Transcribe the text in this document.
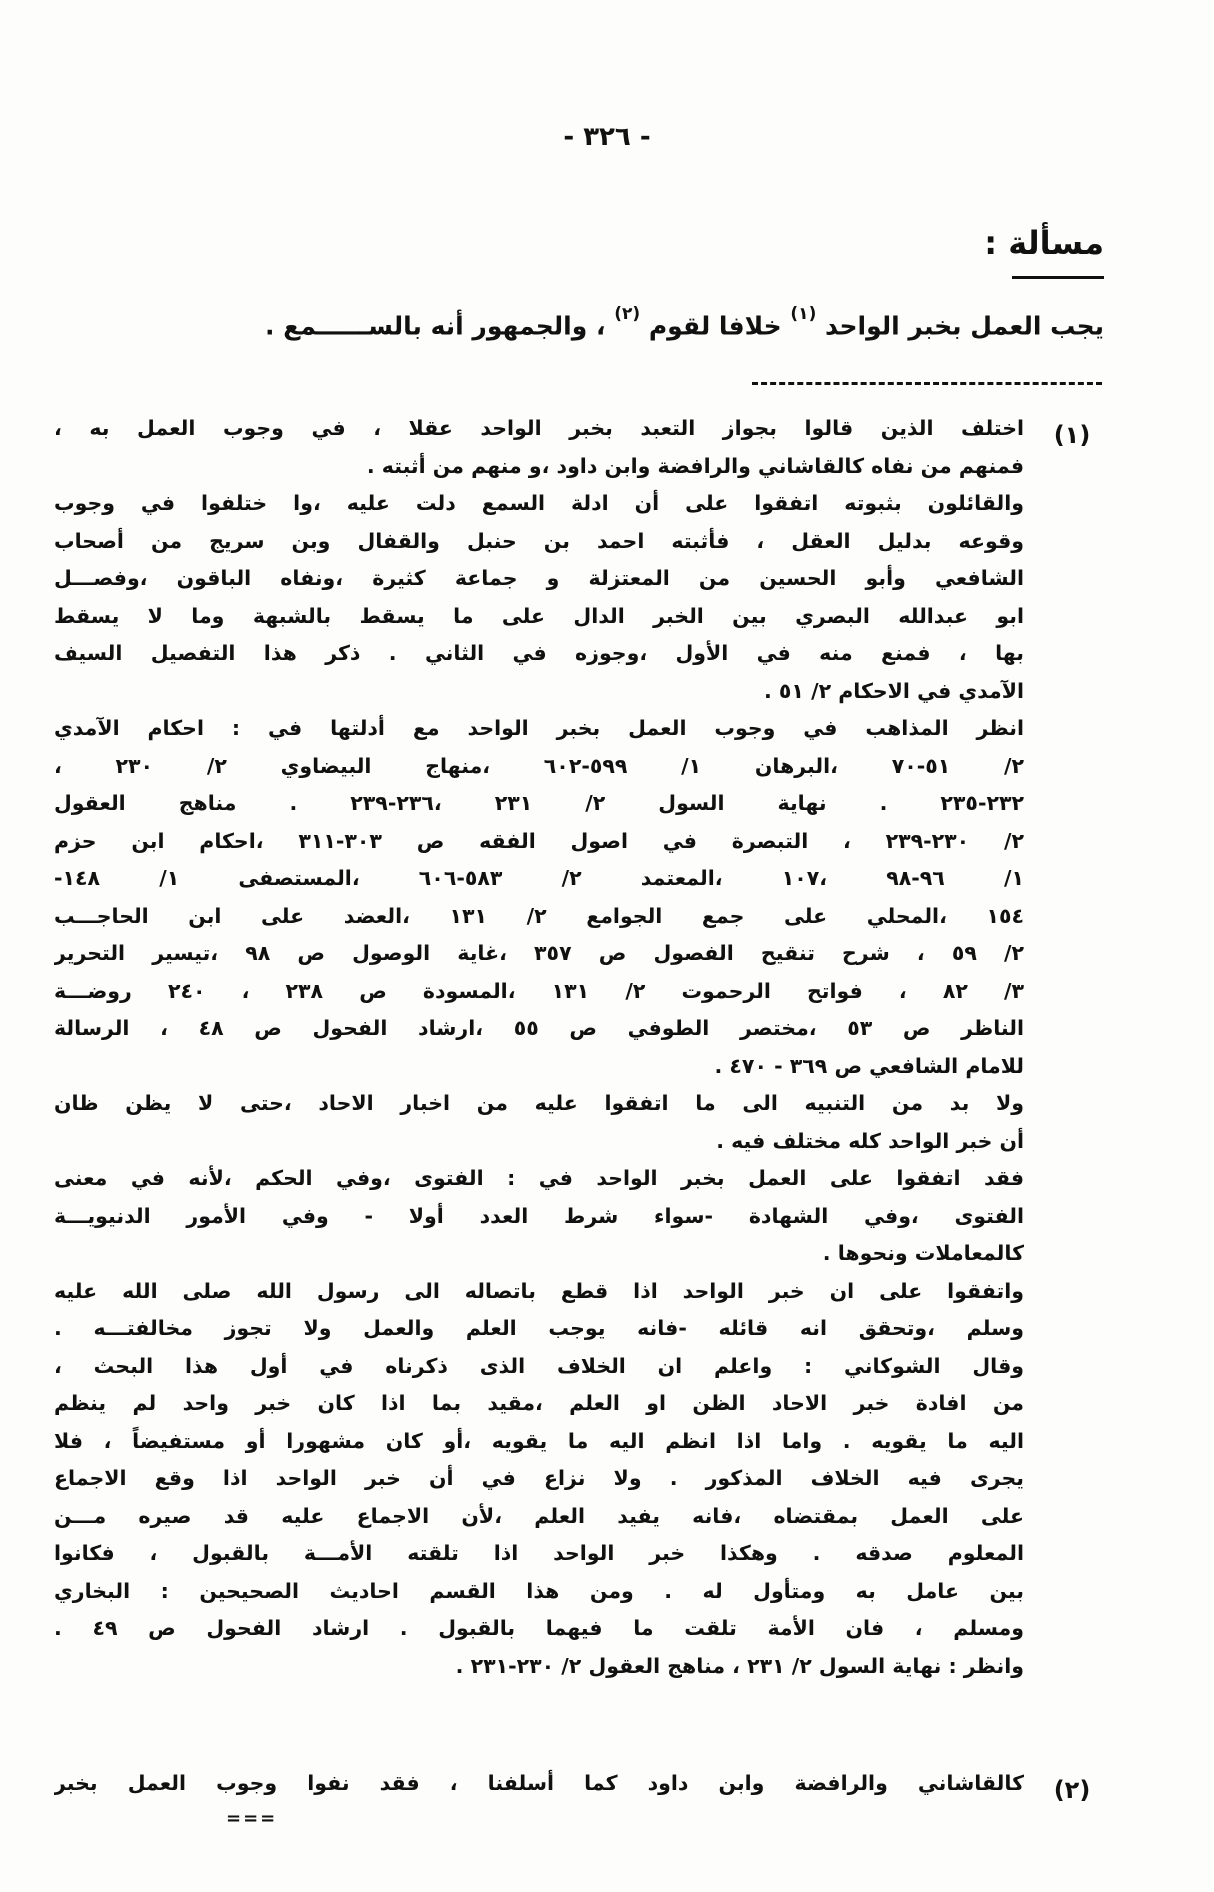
- ٣٢٦ -
مسألة :
يجب العمل بخبر الواحد $^{(١)}$ خلافا لقوم $^{(٢)}$ ، والجمهور أنه بالســــــمع .
(١)
اختلف الذين قالوا بجواز التعبد بخبر الواحد عقلا ، في وجوب العمل به ،
فمنهم من نفاه كالقاشاني والرافضة وابن داود ،و منهم من أثبته .
والقائلون بثبوته اتفقوا على أن ادلة السمع دلت عليه ،وا ختلفوا في وجوب
وقوعه بدليل العقل ، فأثبته احمد بن حنبل والقفال وبن سريج من أصحاب
الشافعي وأبو الحسين من المعتزلة و جماعة كثيرة ،ونفاه الباقون ،وفصـــل
ابو عبدالله البصري بين الخبر الدال على ما يسقط بالشبهة وما لا يسقط
بها ، فمنع منه في الأول ،وجوزه في الثاني . ذكر هذا التفصيل السيف
الآمدي في الاحكام ٢/ ٥١ .
انظر المذاهب في وجوب العمل بخبر الواحد مع أدلتها في : احكام الآمدي
٢/ ٥١-٧٠ ،البرهان ١/ ٥٩٩-٦٠٢ ،منهاج البيضاوي ٢/ ٢٣٠ ،
٢٣٢-٢٣٥ . نهاية السول ٢/ ٢٣١ ،٢٣٦-٢٣٩ . مناهج العقول
٢/ ٢٣٠-٢٣٩ ، التبصرة في اصول الفقه ص ٣٠٣-٣١١ ،احكام ابن حزم
١/ ٩٦-٩٨ ،١٠٧ ،المعتمد ٢/ ٥٨٣-٦٠٦ ،المستصفى ١/ ١٤٨-
١٥٤ ،المحلي على جمع الجوامع ٢/ ١٣١ ،العضد على ابن الحاجـــب
٢/ ٥٩ ، شرح تنقيح الفصول ص ٣٥٧ ،غاية الوصول ص ٩٨ ،تيسير التحرير
٣/ ٨٢ ، فواتح الرحموت ٢/ ١٣١ ،المسودة ص ٢٣٨ ، ٢٤٠ روضـــة
الناظر ص ٥٣ ،مختصر الطوفي ص ٥٥ ،ارشاد الفحول ص ٤٨ ، الرسالة
للامام الشافعي ص ٣٦٩ - ٤٧٠ .
ولا بد من التنبيه الى ما اتفقوا عليه من اخبار الاحاد ،حتى لا يظن ظان
أن خبر الواحد كله مختلف فيه .
فقد اتفقوا على العمل بخبر الواحد في : الفتوى ،وفي الحكم ،لأنه في معنى
الفتوى ،وفي الشهادة -سواء شرط العدد أولا - وفي الأمور الدنيويـــة
كالمعاملات ونحوها .
واتفقوا على ان خبر الواحد اذا قطع باتصاله الى رسول الله صلى الله عليه
وسلم ،وتحقق انه قائله -فانه يوجب العلم والعمل ولا تجوز مخالفتـــه .
وقال الشوكاني : واعلم ان الخلاف الذى ذكرناه في أول هذا البحث ،
من افادة خبر الاحاد الظن او العلم ،مقيد بما اذا كان خبر واحد لم ينظم
اليه ما يقويه . واما اذا انظم اليه ما يقويه ،أو كان مشهورا أو مستفيضاً ، فلا
يجرى فيه الخلاف المذكور . ولا نزاع في أن خبر الواحد اذا وقع الاجماع
على العمل بمقتضاه ،فانه يفيد العلم ،لأن الاجماع عليه قد صيره مـــن
المعلوم صدقه . وهكذا خبر الواحد اذا تلقته الأمـــة بالقبول ، فكانوا
بين عامل به ومتأول له . ومن هذا القسم احاديث الصحيحين : البخاري
ومسلم ، فان الأمة تلقت ما فيهما بالقبول . ارشاد الفحول ص ٤٩ .
وانظر : نهاية السول ٢/ ٢٣١ ، مناهج العقول ٢/ ٢٣٠-٢٣١ .
(٢)
كالقاشاني والرافضة وابن داود كما أسلفنا ، فقد نفوا وجوب العمل بخبر
===
